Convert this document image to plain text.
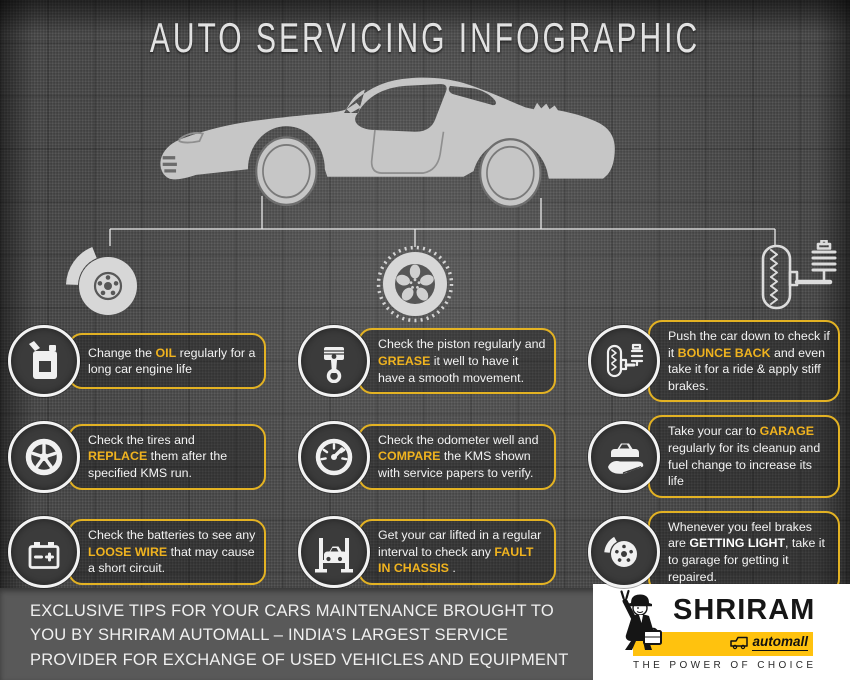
AUTO SERVICING INFOGRAPHIC

Change the OIL regularly for a long car engine life

Check the piston regularly and GREASE it well to have it have a smooth movement.

Push the car down to check if it BOUNCE BACK and even take it for a ride & apply stiff brakes.

Check the tires and REPLACE them after the specified KMS run.

Check the odometer well and COMPARE the KMS shown with service papers to verify.

Take your car to GARAGE regularly for its cleanup and fuel change to increase its life

Check the batteries to see any LOOSE WIRE that may cause a short circuit.

Get your car lifted in a regular interval to check any FAULT IN CHASSIS .

Whenever you feel brakes are GETTING LIGHT, take it to garage for getting it repaired.

EXCLUSIVE TIPS FOR YOUR CARS MAINTENANCE BROUGHT TO YOU BY SHRIRAM AUTOMALL – INDIA’S LARGEST SERVICE PROVIDER FOR EXCHANGE OF USED VEHICLES AND EQUIPMENT
SHRIRAM
automall
THE POWER OF CHOICE
